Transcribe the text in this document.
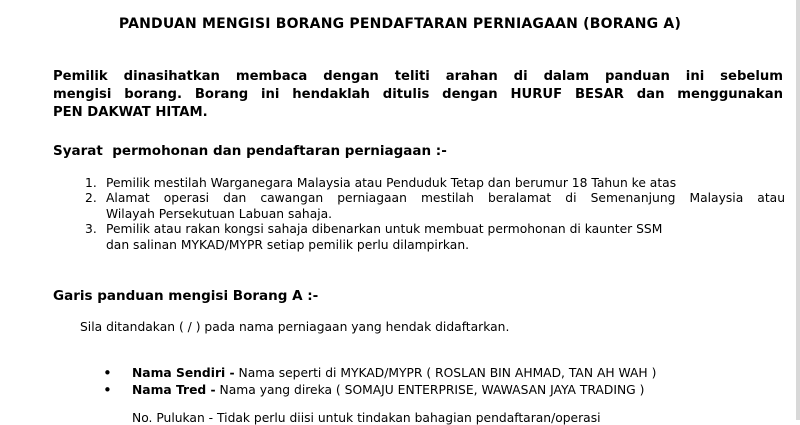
PANDUAN MENGISI BORANG PENDAFTARAN PERNIAGAAN (BORANG A)
Pemilik dinasihatkan membaca dengan teliti arahan di dalam panduan ini sebelum
mengisi borang. Borang ini hendaklah ditulis dengan HURUF BESAR dan menggunakan
PEN DAKWAT HITAM.
Syarat  permohonan dan pendaftaran perniagaan :-
1. Pemilik mestilah Warganegara Malaysia atau Penduduk Tetap dan berumur 18 Tahun ke atas
2. Alamat operasi dan cawangan perniagaan mestilah beralamat di Semenanjung Malaysia atau
Wilayah Persekutuan Labuan sahaja.
3. Pemilik atau rakan kongsi sahaja dibenarkan untuk membuat permohonan di kaunter SSM
dan salinan MYKAD/MYPR setiap pemilik perlu dilampirkan.
Garis panduan mengisi Borang A :-
Sila ditandakan ( / ) pada nama perniagaan yang hendak didaftarkan.
• Nama Sendiri - Nama seperti di MYKAD/MYPR ( ROSLAN BIN AHMAD, TAN AH WAH )
• Nama Tred - Nama yang direka ( SOMAJU ENTERPRISE, WAWASAN JAYA TRADING )
No. Pulukan - Tidak perlu diisi untuk tindakan bahagian pendaftaran/operasi
